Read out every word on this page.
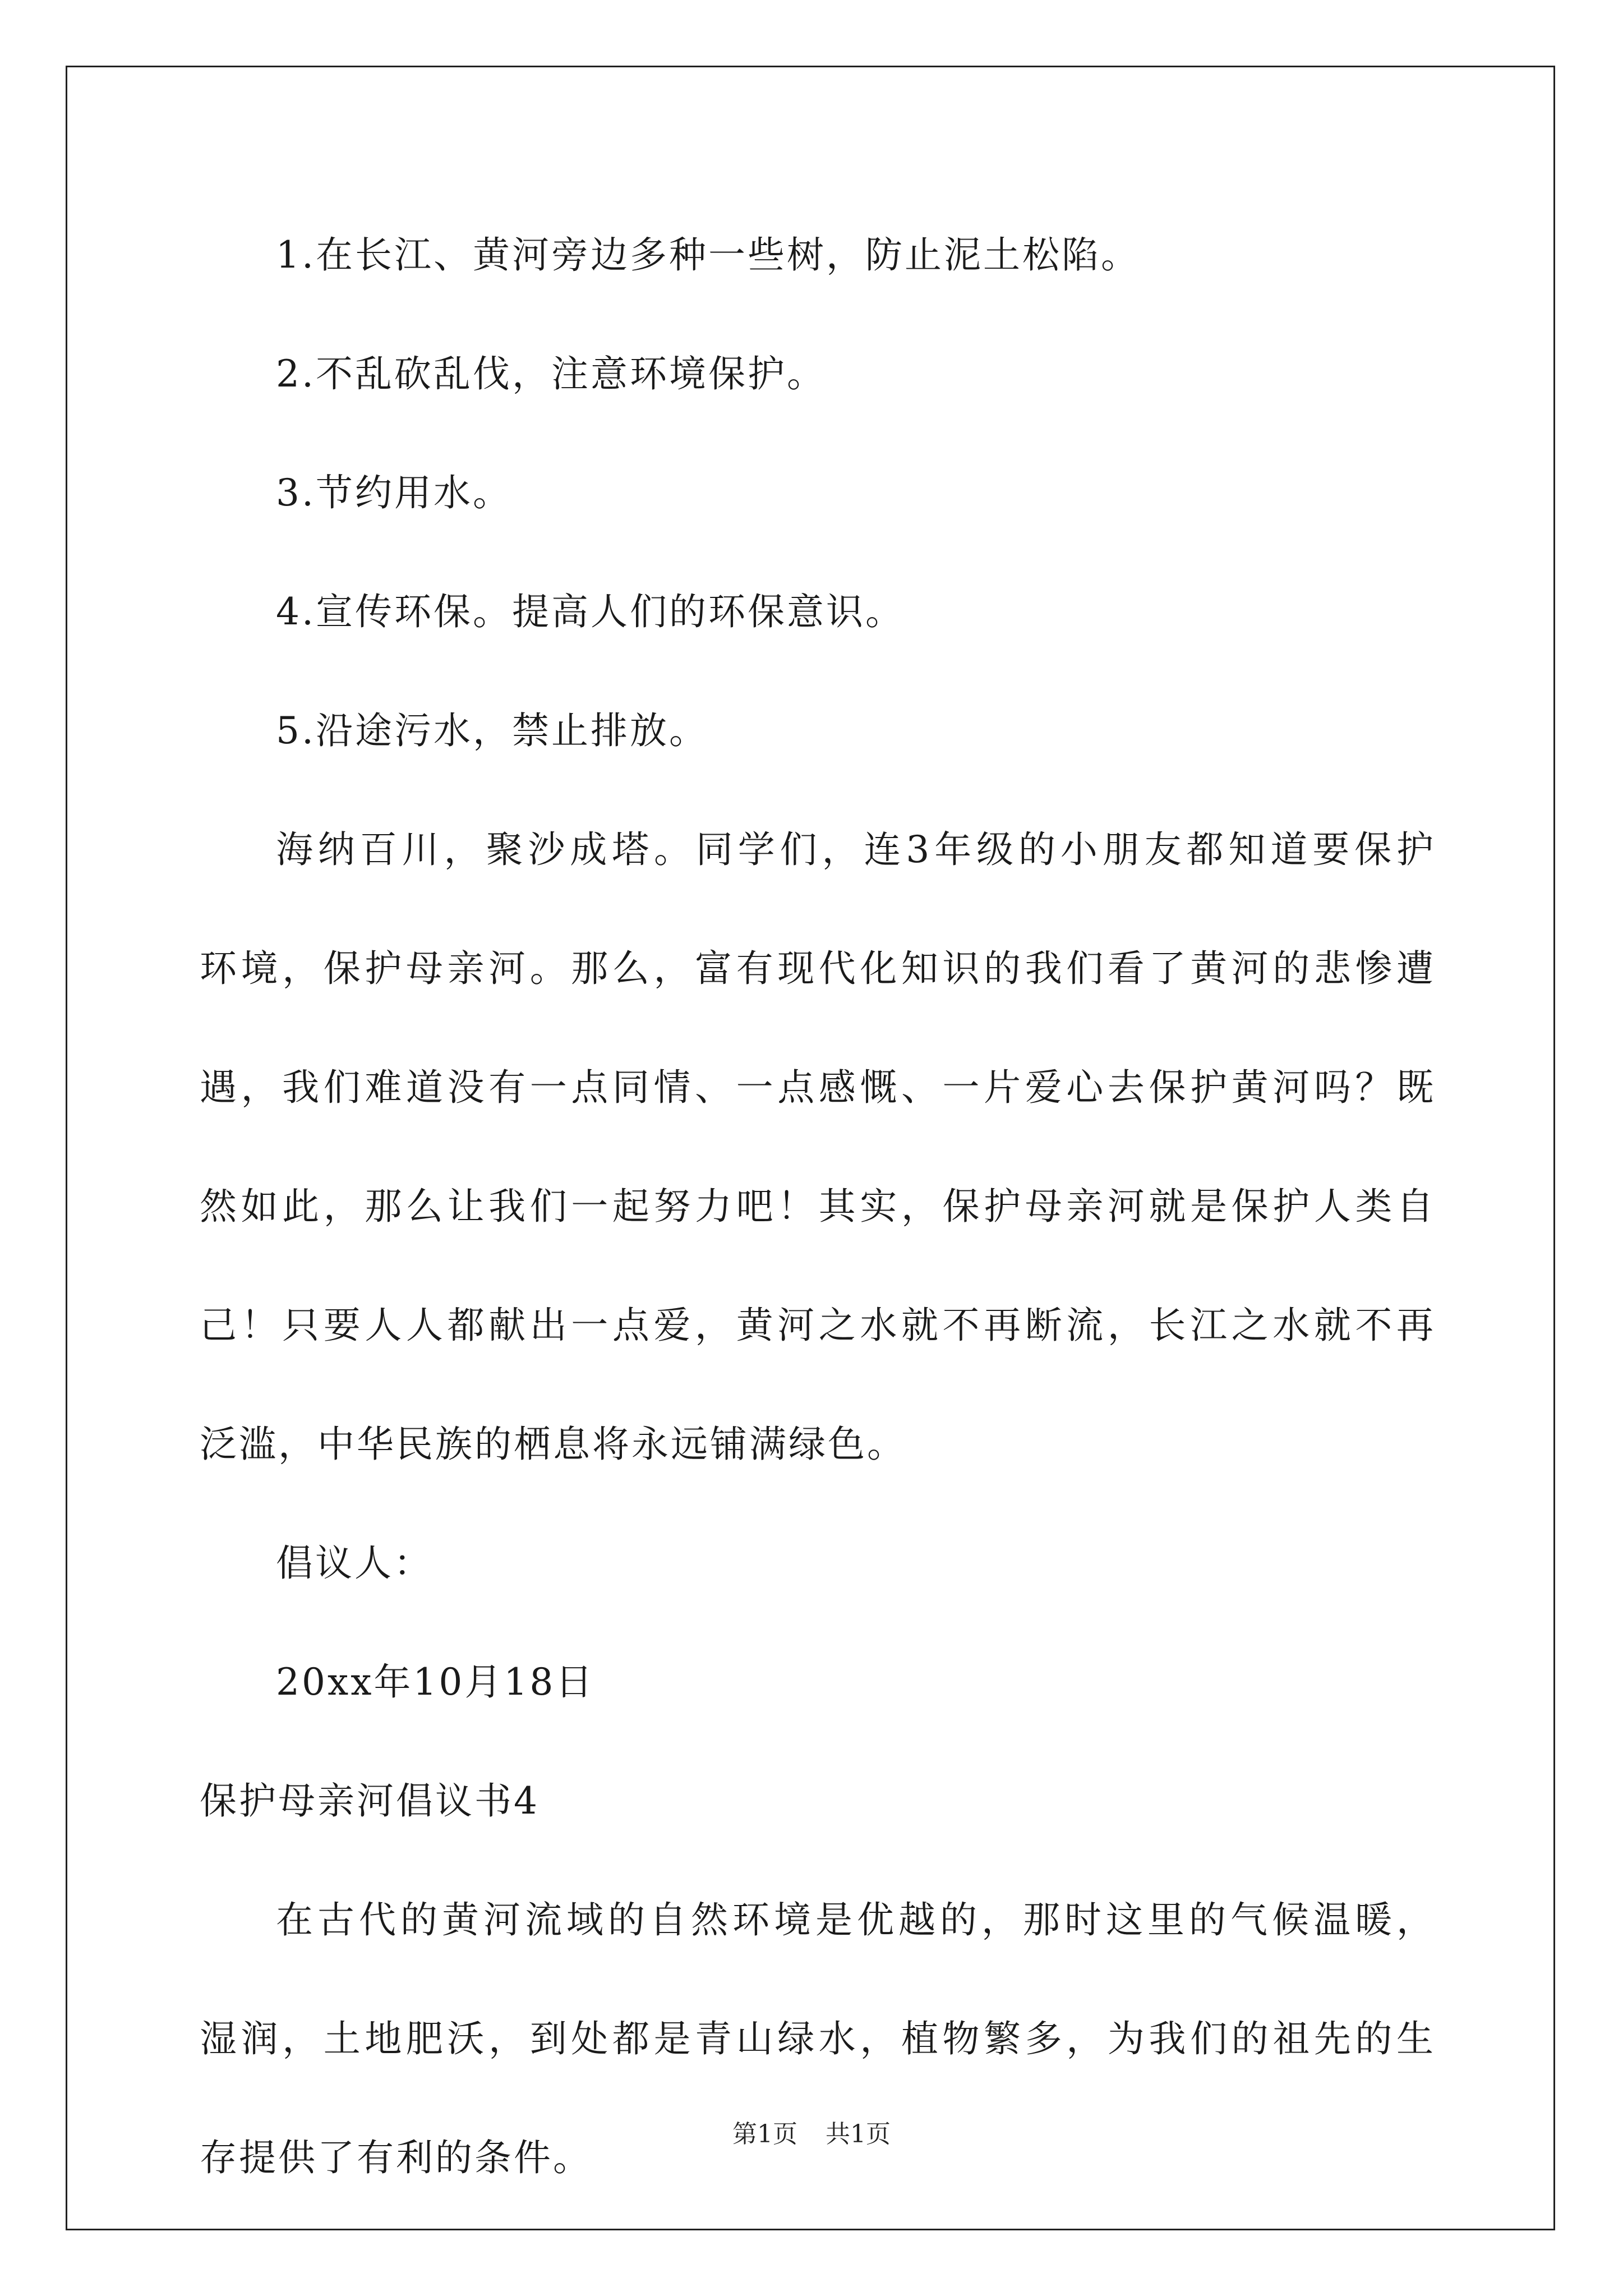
1.在长江、黄河旁边多种一些树，防止泥土松陷。
2.不乱砍乱伐，注意环境保护。
3.节约用水。
4.宣传环保。提高人们的环保意识。
5.沿途污水，禁止排放。
海纳百川，聚沙成塔。同学们，连3年级的小朋友都知道要保护
环境，保护母亲河。那么，富有现代化知识的我们看了黄河的悲惨遭
遇，我们难道没有一点同情、一点感慨、一片爱心去保护黄河吗？既
然如此，那么让我们一起努力吧！其实，保护母亲河就是保护人类自
己！只要人人都献出一点爱，黄河之水就不再断流，长江之水就不再
泛滥，中华民族的栖息将永远铺满绿色。
倡议人：
20xx年10月18日
保护母亲河倡议书4
在古代的黄河流域的自然环境是优越的，那时这里的气候温暖，
湿润，土地肥沃，到处都是青山绿水，植物繁多，为我们的祖先的生
存提供了有利的条件。
第1页 共1页
